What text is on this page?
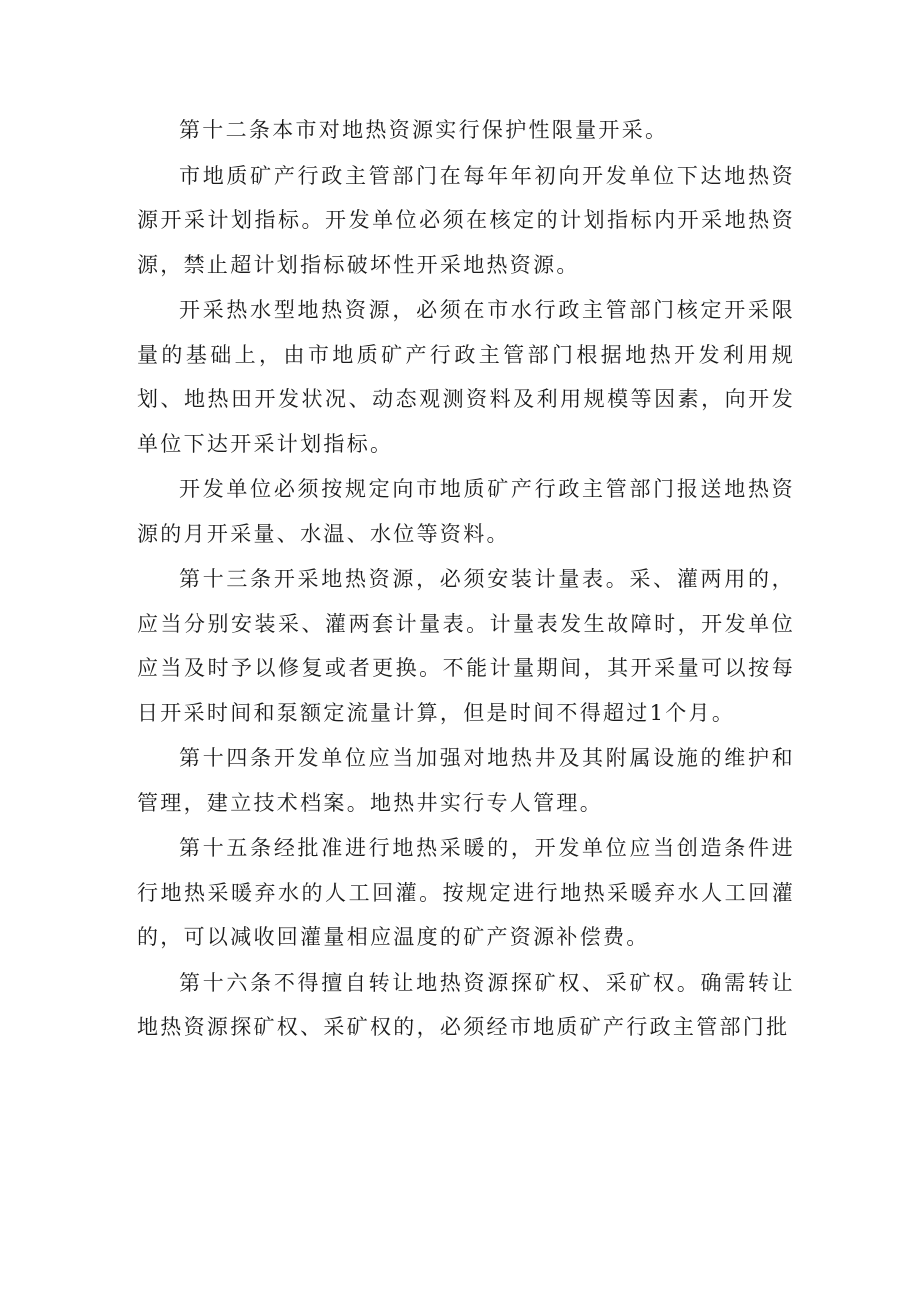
第十二条本市对地热资源实行保护性限量开采。

市地质矿产行政主管部门在每年年初向开发单位下达地热资源开采计划指标。开发单位必须在核定的计划指标内开采地热资源，禁止超计划指标破坏性开采地热资源。

开采热水型地热资源，必须在市水行政主管部门核定开采限量的基础上，由市地质矿产行政主管部门根据地热开发利用规划、地热田开发状况、动态观测资料及利用规模等因素，向开发单位下达开采计划指标。

开发单位必须按规定向市地质矿产行政主管部门报送地热资源的月开采量、水温、水位等资料。

第十三条开采地热资源，必须安装计量表。采、灌两用的，应当分别安装采、灌两套计量表。计量表发生故障时，开发单位应当及时予以修复或者更换。不能计量期间，其开采量可以按每日开采时间和泵额定流量计算，但是时间不得超过1个月。

第十四条开发单位应当加强对地热井及其附属设施的维护和管理，建立技术档案。地热井实行专人管理。

第十五条经批准进行地热采暖的，开发单位应当创造条件进行地热采暖弃水的人工回灌。按规定进行地热采暖弃水人工回灌的，可以减收回灌量相应温度的矿产资源补偿费。

第十六条不得擅自转让地热资源探矿权、采矿权。确需转让地热资源探矿权、采矿权的，必须经市地质矿产行政主管部门批
